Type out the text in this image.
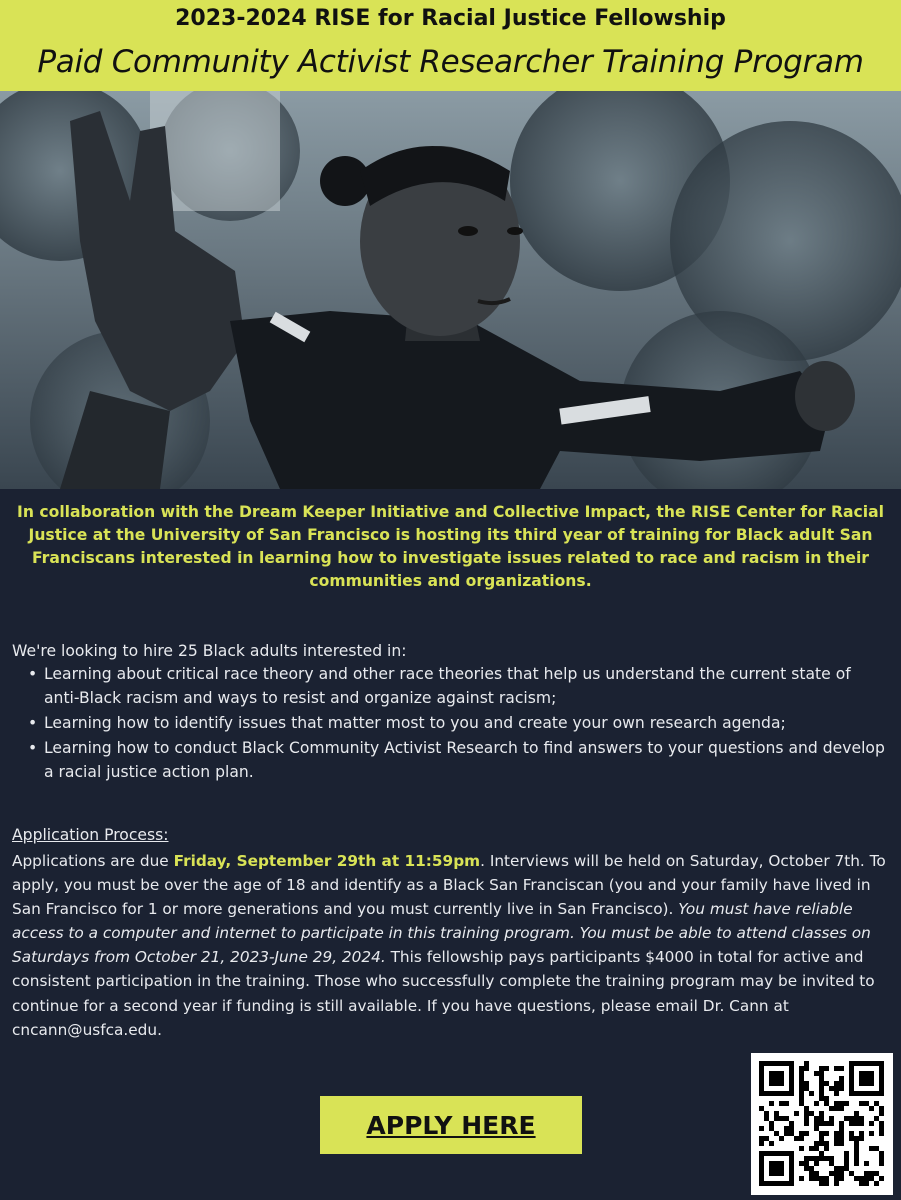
2023-2024 RISE for Racial Justice Fellowship
Paid Community Activist Researcher Training Program
In collaboration with the Dream Keeper Initiative and Collective Impact, the RISE Center for Racial Justice at the University of San Francisco is hosting its third year of training for Black adult San Franciscans interested in learning how to investigate issues related to race and racism in their communities and organizations.
We're looking to hire 25 Black adults interested in:
• Learning about critical race theory and other race theories that help us understand the current state of anti-Black racism and ways to resist and organize against racism;
• Learning how to identify issues that matter most to you and create your own research agenda;
• Learning how to conduct Black Community Activist Research to find answers to your questions and develop a racial justice action plan.
Application Process:
Applications are due Friday, September 29th at 11:59pm. Interviews will be held on Saturday, October 7th. To apply, you must be over the age of 18 and identify as a Black San Franciscan (you and your family have lived in San Francisco for 1 or more generations and you must currently live in San Francisco). You must have reliable access to a computer and internet to participate in this training program. You must be able to attend classes on Saturdays from October 21, 2023-June 29, 2024. This fellowship pays participants $4000 in total for active and consistent participation in the training. Those who successfully complete the training program may be invited to continue for a second year if funding is still available. If you have questions, please email Dr. Cann at cncann@usfca.edu.
APPLY HERE
